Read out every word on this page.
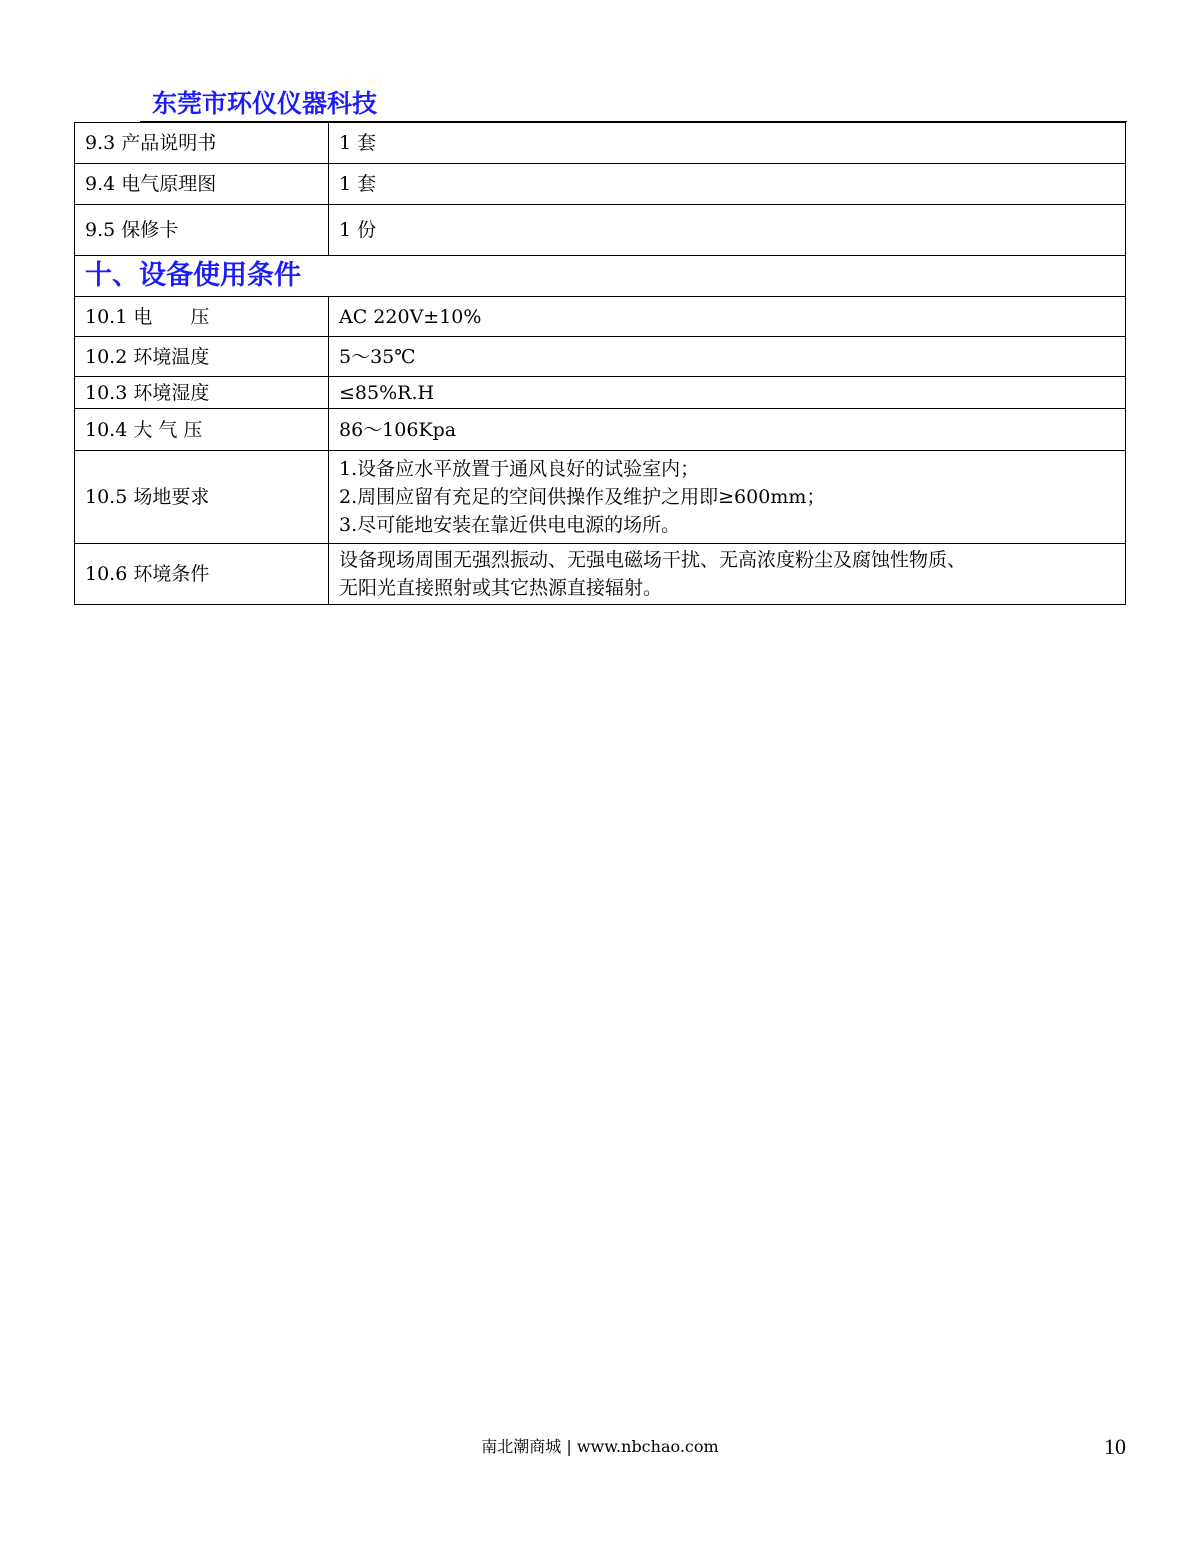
东莞市环仪仪器科技
9.3 产品说明书	1 套
9.4 电气原理图	1 套
9.5 保修卡	1 份
十、设备使用条件	
10.1 电　　压	AC 220V±10%
10.2 环境温度	5～35℃
10.3 环境湿度	≤85%R.H
10.4 大 气 压	86～106Kpa
10.5 场地要求	1.设备应水平放置于通风良好的试验室内；
2.周围应留有充足的空间供操作及维护之用即≥600mm；
3.尽可能地安装在靠近供电电源的场所。

10.6 环境条件	设备现场周围无强烈振动、无强电磁场干扰、无高浓度粉尘及腐蚀性物质、
无阳光直接照射或其它热源直接辐射。
南北潮商城 | www.nbchao.com	10
